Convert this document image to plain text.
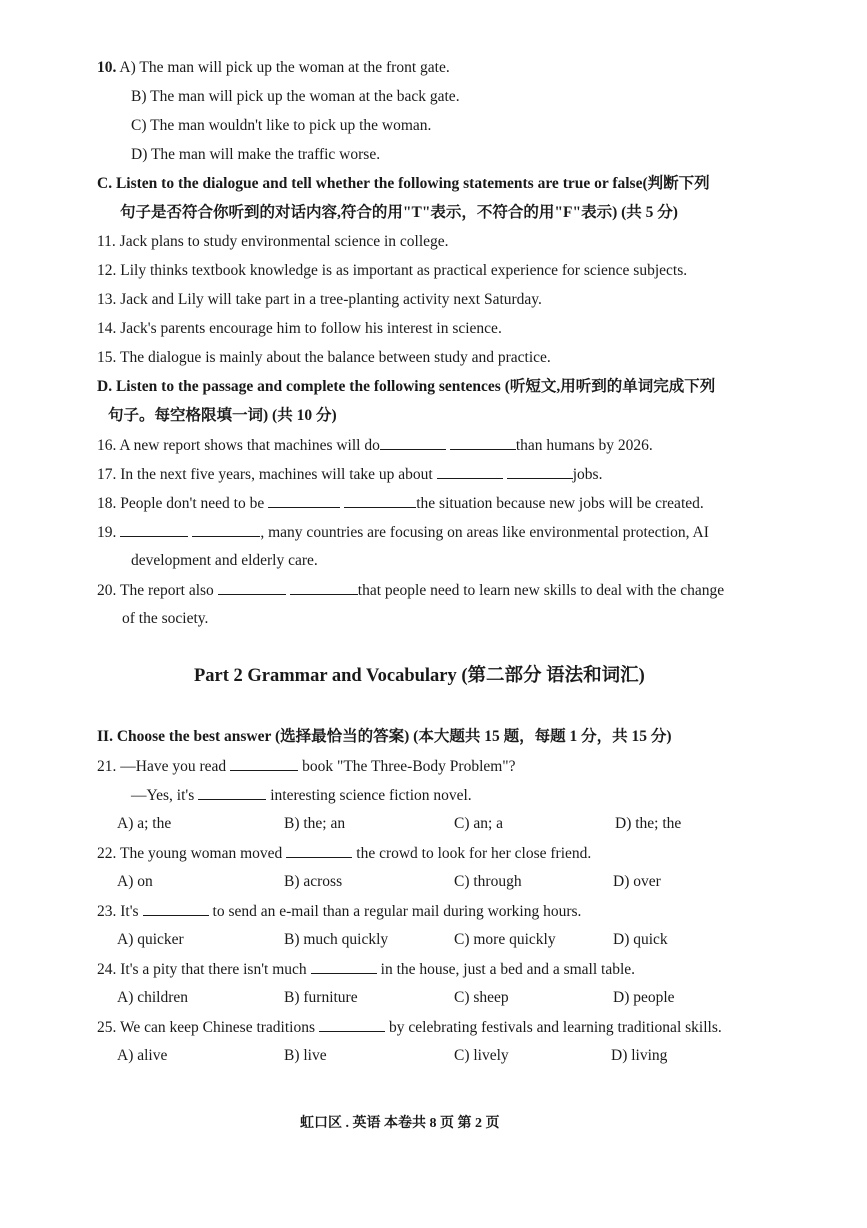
10. A) The man will pick up the woman at the front gate.
B) The man will pick up the woman at the back gate.
C) The man wouldn't like to pick up the woman.
D) The man will make the traffic worse.
C. Listen to the dialogue and tell whether the following statements are true or false(判断下列
句子是否符合你听到的对话内容,符合的用"T"表示，不符合的用"F"表示) (共 5 分)
11. Jack plans to study environmental science in college.
12. Lily thinks textbook knowledge is as important as practical experience for science subjects.
13. Jack and Lily will take part in a tree-planting activity next Saturday.
14. Jack's parents encourage him to follow his interest in science.
15. The dialogue is mainly about the balance between study and practice.
D. Listen to the passage and complete the following sentences (听短文,用听到的单词完成下列
句子。每空格限填一词) (共 10 分)
16. A new report shows that machines will do	than humans by 2026.
17. In the next five years, machines will take up about	jobs.
18. People don't need to be	the situation because new jobs will be created.
19.	, many countries are focusing on areas like environmental protection, AI
development and elderly care.
20. The report also	that people need to learn new skills to deal with the change
of the society.
Part 2 Grammar and Vocabulary (第二部分 语法和词汇)
II. Choose the best answer (选择最恰当的答案) (本大题共 15 题，每题 1 分，共 15 分)
21. —Have you read	book "The Three-Body Problem"?
—Yes, it's	interesting science fiction novel.
A) a; the	B) the; an	C) an; a	D) the; the
22. The young woman moved	the crowd to look for her close friend.
A) on	B) across	C) through	D) over
23. It's	to send an e-mail than a regular mail during working hours.
A) quicker	B) much quickly	C) more quickly	D) quick
24. It's a pity that there isn't much	in the house, just a bed and a small table.
A) children	B) furniture	C) sheep	D) people
25. We can keep Chinese traditions	by celebrating festivals and learning traditional skills.
A) alive	B) live	C) lively	D) living
虹口区 . 英语 本卷共 8 页 第 2 页
